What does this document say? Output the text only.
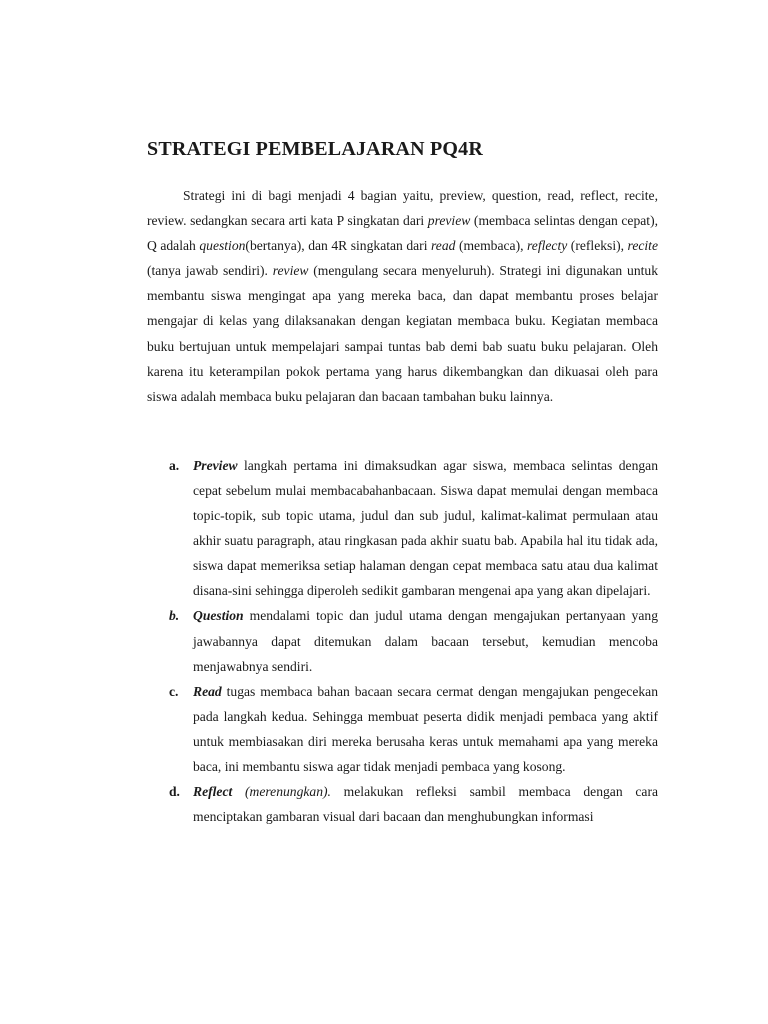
STRATEGI PEMBELAJARAN PQ4R

Strategi ini di bagi menjadi 4 bagian yaitu, preview, question, read, reflect, recite, review. sedangkan secara arti kata P singkatan dari preview (membaca selintas dengan cepat), Q adalah question(bertanya), dan 4R singkatan dari read (membaca), reflecty (refleksi), recite (tanya jawab sendiri). review (mengulang secara menyeluruh). Strategi ini digunakan untuk membantu siswa mengingat apa yang mereka baca, dan dapat membantu proses belajar mengajar di kelas yang dilaksanakan dengan kegiatan membaca buku. Kegiatan membaca buku bertujuan untuk mempelajari sampai tuntas bab demi bab suatu buku pelajaran. Oleh karena itu keterampilan pokok pertama yang harus dikembangkan dan dikuasai oleh para siswa adalah membaca buku pelajaran dan bacaan tambahan buku lainnya.

a. Preview langkah pertama ini dimaksudkan agar siswa, membaca selintas dengan cepat sebelum mulai membacabahanbacaan. Siswa dapat memulai dengan membaca topic-topik, sub topic utama, judul dan sub judul, kalimat-kalimat permulaan atau akhir suatu paragraph, atau ringkasan pada akhir suatu bab. Apabila hal itu tidak ada, siswa dapat memeriksa setiap halaman dengan cepat membaca satu atau dua kalimat disana-sini sehingga diperoleh sedikit gambaran mengenai apa yang akan dipelajari.
b. Question mendalami topic dan judul utama dengan mengajukan pertanyaan yang jawabannya dapat ditemukan dalam bacaan tersebut, kemudian mencoba menjawabnya sendiri.
c. Read tugas membaca bahan bacaan secara cermat dengan mengajukan pengecekan pada langkah kedua. Sehingga membuat peserta didik menjadi pembaca yang aktif untuk membiasakan diri mereka berusaha keras untuk memahami apa yang mereka baca, ini membantu siswa agar tidak menjadi pembaca yang kosong.
d. Reflect (merenungkan). melakukan refleksi sambil membaca dengan cara menciptakan gambaran visual dari bacaan dan menghubungkan informasi
